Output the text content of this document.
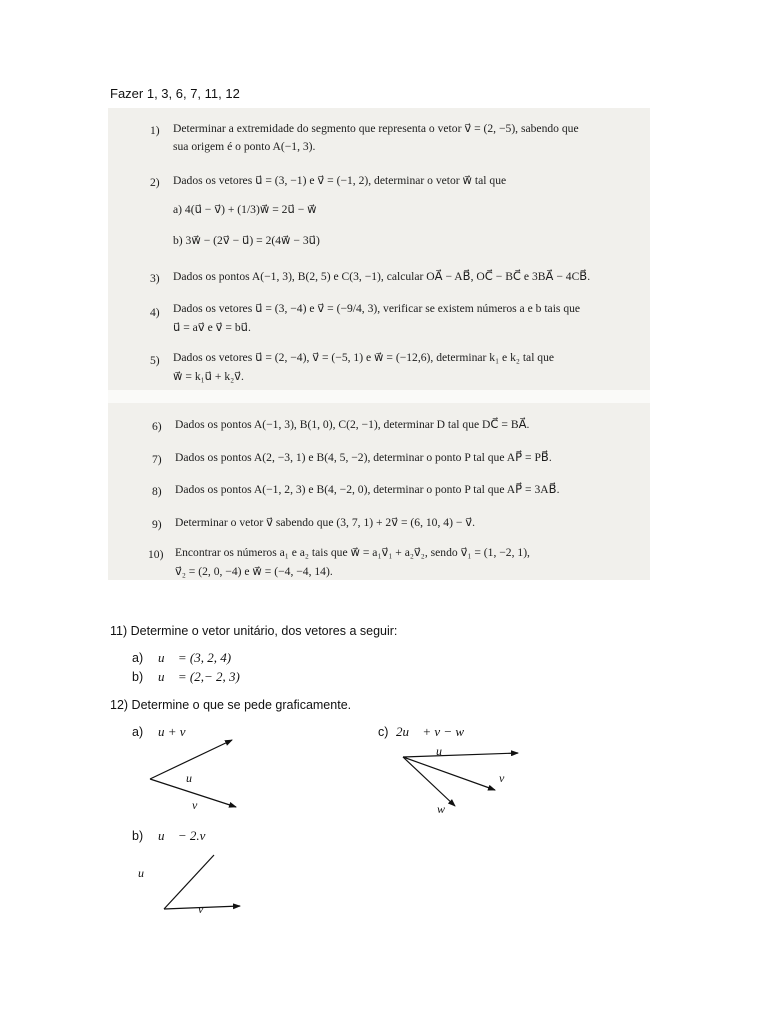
Fazer 1, 3, 6, 7, 11, 12
1) Determinar a extremidade do segmento que representa o vetor v⃗ = (2, −5), sabendo que
sua origem é o ponto A(−1, 3).
2) Dados os vetores u⃗ = (3, −1) e v⃗ = (−1, 2), determinar o vetor w⃗ tal que
a) 4(u⃗ − v⃗) + (1/3)w⃗ = 2u⃗ − w⃗
b) 3w⃗ − (2v⃗ − u⃗) = 2(4w⃗ − 3u⃗)
3) Dados os pontos A(−1, 3), B(2, 5) e C(3, −1), calcular OA⃗ − AB⃗, OC⃗ − BC⃗ e 3BA⃗ − 4CB⃗.
4) Dados os vetores u⃗ = (3, −4) e v⃗ = (−9/4, 3), verificar se existem números a e b tais que
u⃗ = av⃗ e v⃗ = bu⃗.
5) Dados os vetores u⃗ = (2, −4), v⃗ = (−5, 1) e w⃗ = (−12,6), determinar k₁ e k₂ tal que
w⃗ = k₁u⃗ + k₂v⃗.
6) Dados os pontos A(−1, 3), B(1, 0), C(2, −1), determinar D tal que DC⃗ = BA⃗.
7) Dados os pontos A(2, −3, 1) e B(4, 5, −2), determinar o ponto P tal que AP⃗ = PB⃗.
8) Dados os pontos A(−1, 2, 3) e B(4, −2, 0), determinar o ponto P tal que AP⃗ = 3AB⃗.
9) Determinar o vetor v⃗ sabendo que (3, 7, 1) + 2v⃗ = (6, 10, 4) − v⃗.
10) Encontrar os números a₁ e a₂ tais que w⃗ = a₁v⃗₁ + a₂v⃗₂, sendo v⃗₁ = (1, −2, 1),
v⃗₂ = (2, 0, −4) e w⃗ = (−4, −4, 14).
11) Determine o vetor unitário, dos vetores a seguir:
a) u⃗ = (3, 2, 4)
b) u⃗ = (2,− 2, 3)
12) Determine o que se pede graficamente.
a) u + v	c) 2u⃗ + v − w
b) u⃗ − 2.v⃗
u⃗
v⃗
u⃗
v⃗
u⃗
v
w⃗
